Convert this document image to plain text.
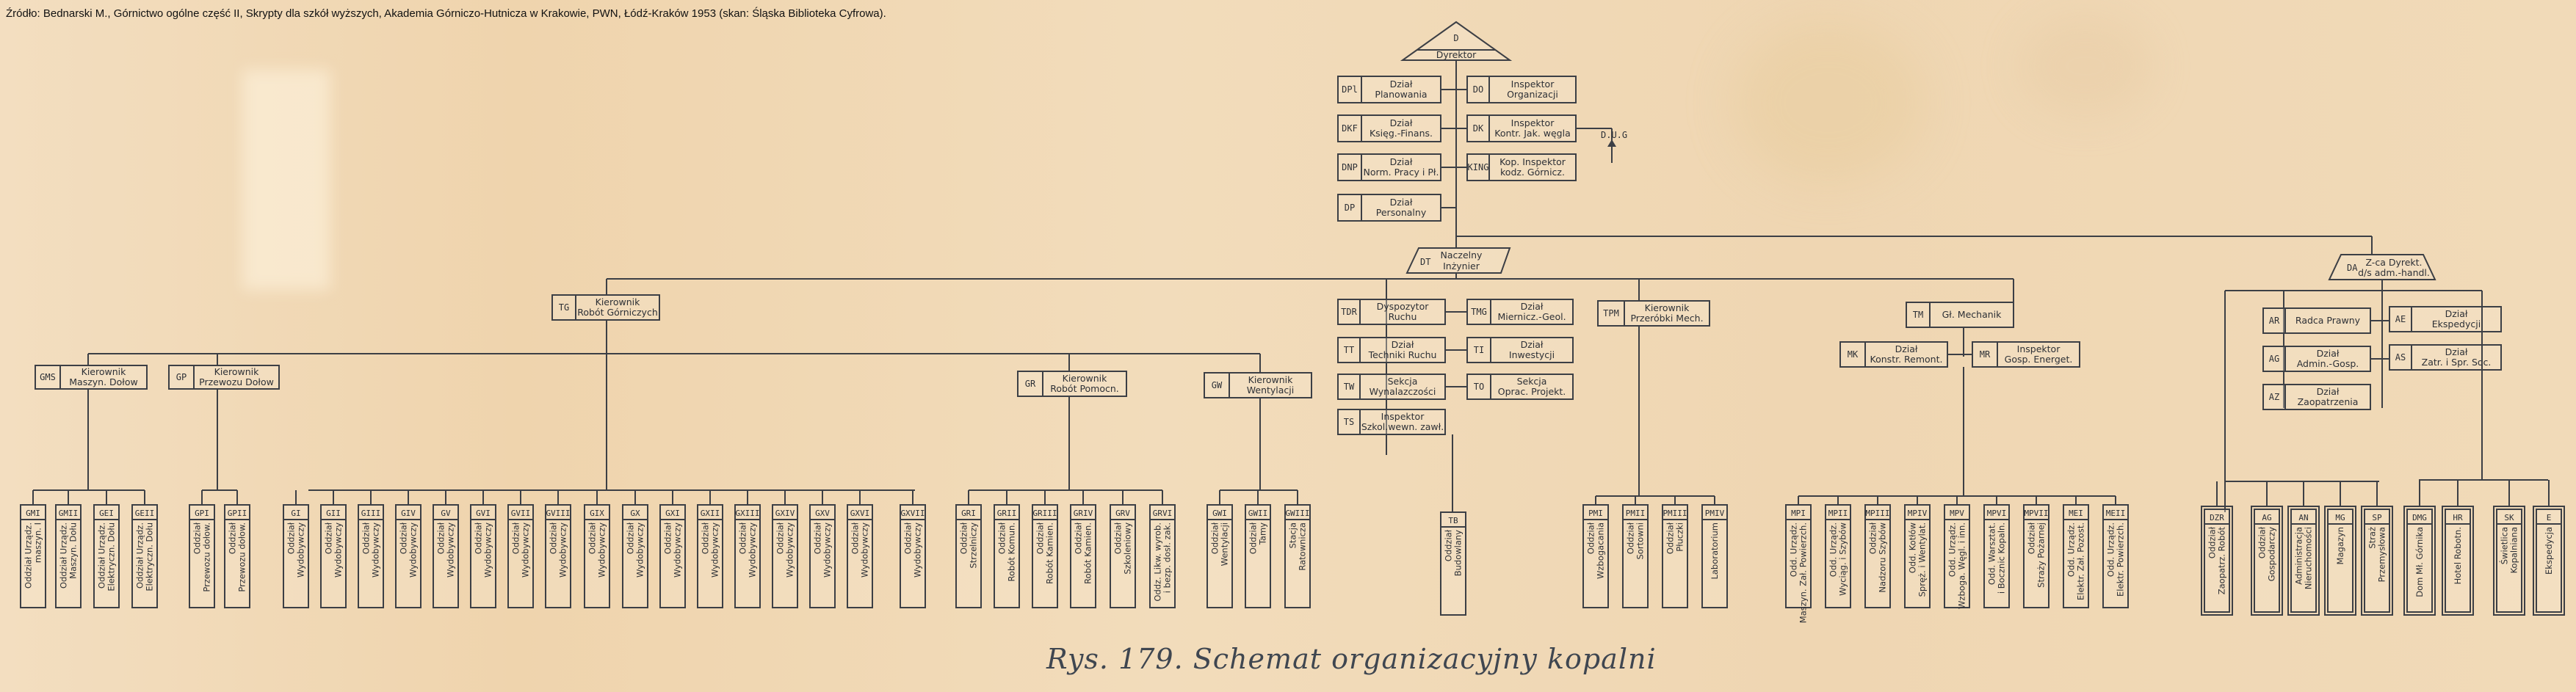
Źródło: Bednarski M., Górnictwo ogólne część II, Skrypty dla szkół wyższych, Akademia Górniczo-Hutnicza w Krakowie, PWN, Łódź-Kraków 1953 (skan: Śląska Biblioteka Cyfrowa).
D
Dyrektor
DPl	Dział
Planowania
DKF	Dział
Księg.-Finans.
DNP	Dział
Norm. Pracy i Pł.
DP	Dział
Personalny
DO	Inspektor
Organizacji
DK	Inspektor
Kontr. Jak. węgla
KING Kop. Inspektor
kodz. Górnicz.
D.U.G
DA Z-ca Dyrekt.
d/s adm.-handl.
DT
Naczelny
Inżynier
TG	Kierownik
Robót Górniczych
GMS	Kierownik
Maszyn. Dołow	GP	Kierownik
Przewozu Dołow	GR	Kierownik
Robót Pomocn.	GW	Kierownik
Wentylacji
GMI
Oddział Urządz. maszyn. I
GMII
Oddział Urządz. Maszyn. Dołu
GEI
Oddział Urządz. Elektryczn. Dołu
GEII
Oddział Urządz. Elektryczn. Dołu
GPI
Oddział Przewozu dołow.
GPII
Oddział Przewozu dołow.
GI
Oddział Wydobywczy
GII
Oddział Wydobywczy
GIII
Oddział Wydobywczy
GIV
Oddział Wydobywczy
GV
Oddział Wydobywczy
GVI
Oddział Wydobywczy
GVII
Oddział Wydobywczy
GVIII
Oddział Wydobywczy
GIX
Oddział Wydobywczy
GX
Oddział Wydobywczy
GXI
Oddział Wydobywczy
GXII
Oddział Wydobywczy
GXIII
Oddział Wydobywczy
GXIV
Oddział Wydobywczy
GXV
Oddział Wydobywczy
GXVI
Oddział Wydobywczy
GXVII
Oddział Wydobywczy
GRI
Oddział Strzelniczy
GRII
Oddział Robót Komun.
GRIII
Oddział Robót Kamien.
GRIV
Oddział Robót Kamien.
GRV
Oddział Szkoleniowy
GRVI
Oddz. Likw. wyrob. i bezp. dosł. zak.
GWI
Oddział Wentylacji
GWII
Oddział Tamy
GWIII
Stacja Ratownicza
TDR Dyspozytor
Ruchu
TT	Dział
Techniki Ruchu
TW	Sekcja
Wynalazczości
TS	Inspektor
Szkol.wewn. zawł.
TMG	Dział
Miernicz.-Geol.
TI	Dział
Inwestycji
TO	Sekcja
Oprac. Projekt.
TB
Oddział Budowlany
TPM	Kierownik
Przeróbki Mech.
PMI
Oddział Wzbogacania
PMII
Oddział Sortowni
PMIII
Oddział Płuczki
PMIV
Laboratorium
TM Gł. Mechanik
MK	Dział
Konstr. Remont.	MR	Inspektor
Gosp. Energet.
MPI
Odd. Urządz. Maszyn. Zał. Powierzch.
MPII
Odd. Urządz. Wyciąg. i Szybów
MPIII
Oddział Nadzoru Szybów
MPIV
Odd. Kotłów Spręż. i Wentylat.
MPV
Odd. Urządz. Wzboga. Węgl. i inn.
MPVI
Odd. Warsztat. i Bocznic Kopaln.
MPVII
Oddział Straży Pożarnej
MEI
Odd. Urządz. Elektr. Zał. Pozost.
MEII
Odd. Urządz. Elektr. Powierzch.
AR Radca Prawny
AG	Dział
Admin.-Gosp.
AZ	Dział
Zaopatrzenia
AE	Dział
Ekspedycji
AS	Dział
Zatr. i Spr. Soc.
DZR
Oddział Zaopatrz. Robót
AG
Oddział Gospodarczy
AN
Administracja Nieruchomości
MG
Magazyn
SP
Straż Przemysłowa
DMG
Dom Mł. Górnika
HR
Hotel Robotn.
SK
Świetlica Kopalniana
E
Ekspedycja
Rys. 179. Schemat organizacyjny kopalni
